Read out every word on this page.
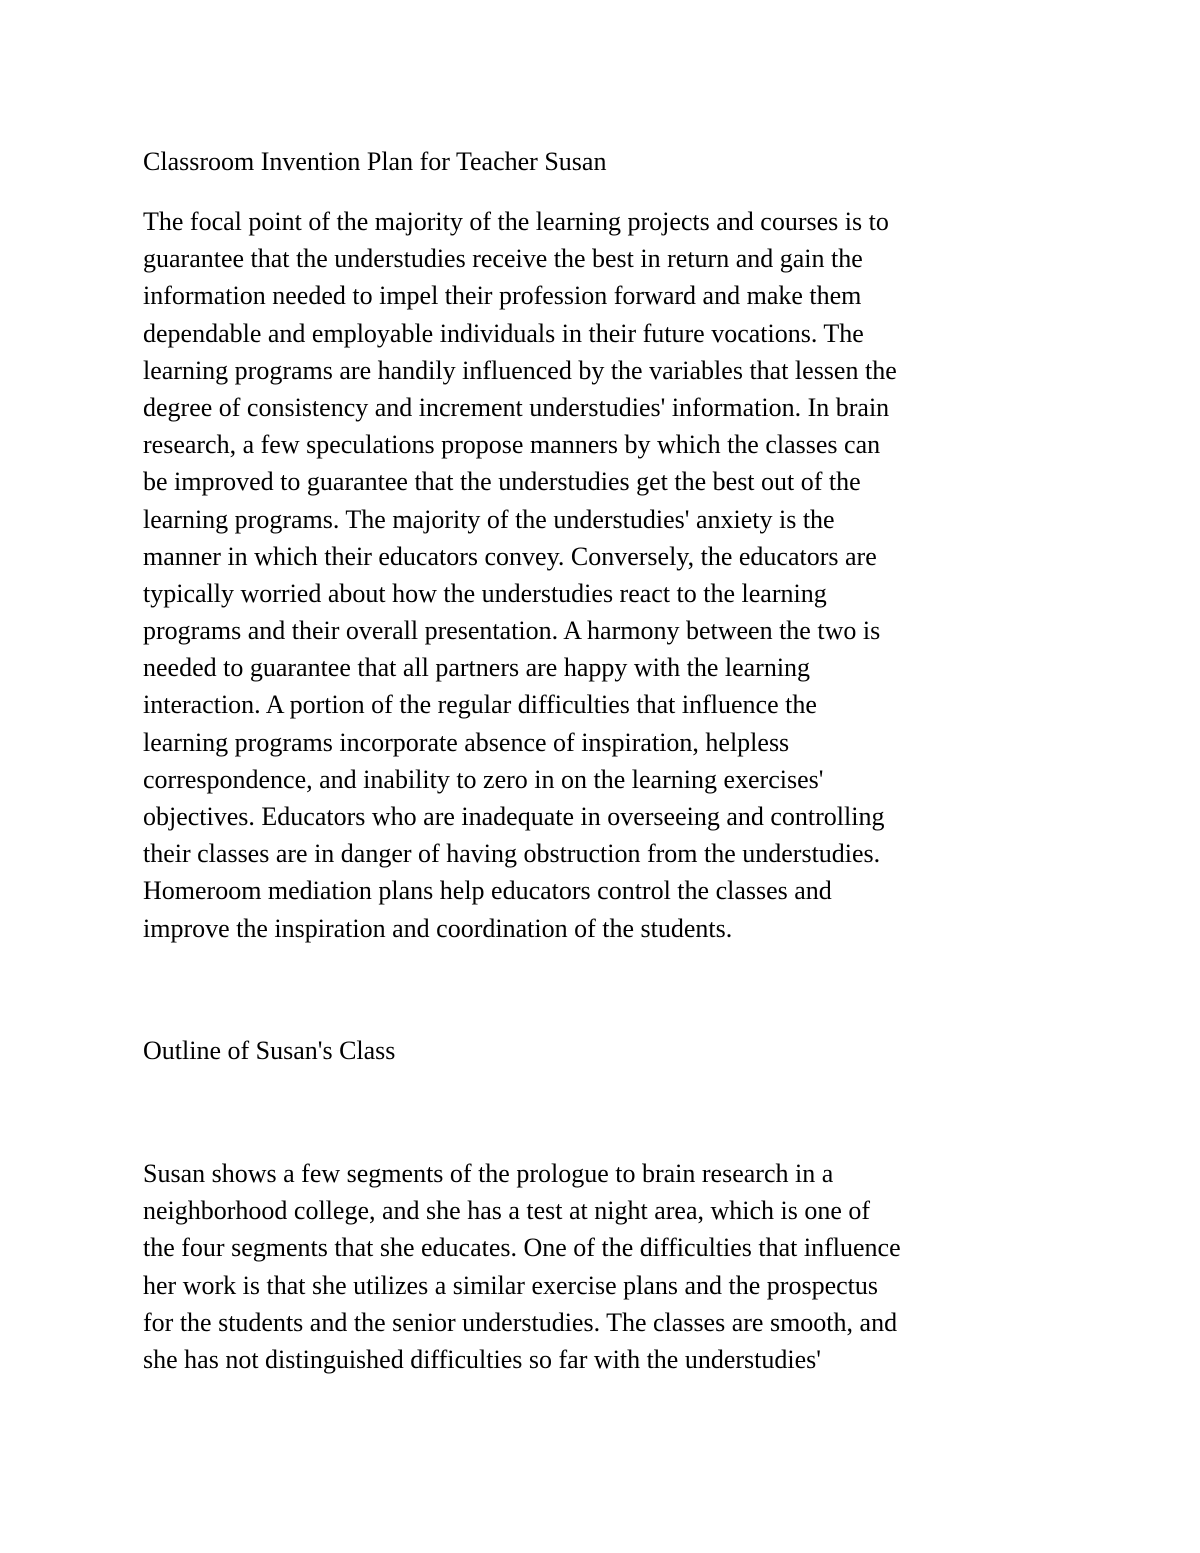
Classroom Invention Plan for Teacher Susan
The focal point of the majority of the learning projects and courses is to
guarantee that the understudies receive the best in return and gain the
information needed to impel their profession forward and make them
dependable and employable individuals in their future vocations. The
learning programs are handily influenced by the variables that lessen the
degree of consistency and increment understudies' information. In brain
research, a few speculations propose manners by which the classes can
be improved to guarantee that the understudies get the best out of the
learning programs. The majority of the understudies' anxiety is the
manner in which their educators convey. Conversely, the educators are
typically worried about how the understudies react to the learning
programs and their overall presentation. A harmony between the two is
needed to guarantee that all partners are happy with the learning
interaction. A portion of the regular difficulties that influence the
learning programs incorporate absence of inspiration, helpless
correspondence, and inability to zero in on the learning exercises'
objectives. Educators who are inadequate in overseeing and controlling
their classes are in danger of having obstruction from the understudies.
Homeroom mediation plans help educators control the classes and
improve the inspiration and coordination of the students.
Outline of Susan's Class
Susan shows a few segments of the prologue to brain research in a
neighborhood college, and she has a test at night area, which is one of
the four segments that she educates. One of the difficulties that influence
her work is that she utilizes a similar exercise plans and the prospectus
for the students and the senior understudies. The classes are smooth, and
she has not distinguished difficulties so far with the understudies'
